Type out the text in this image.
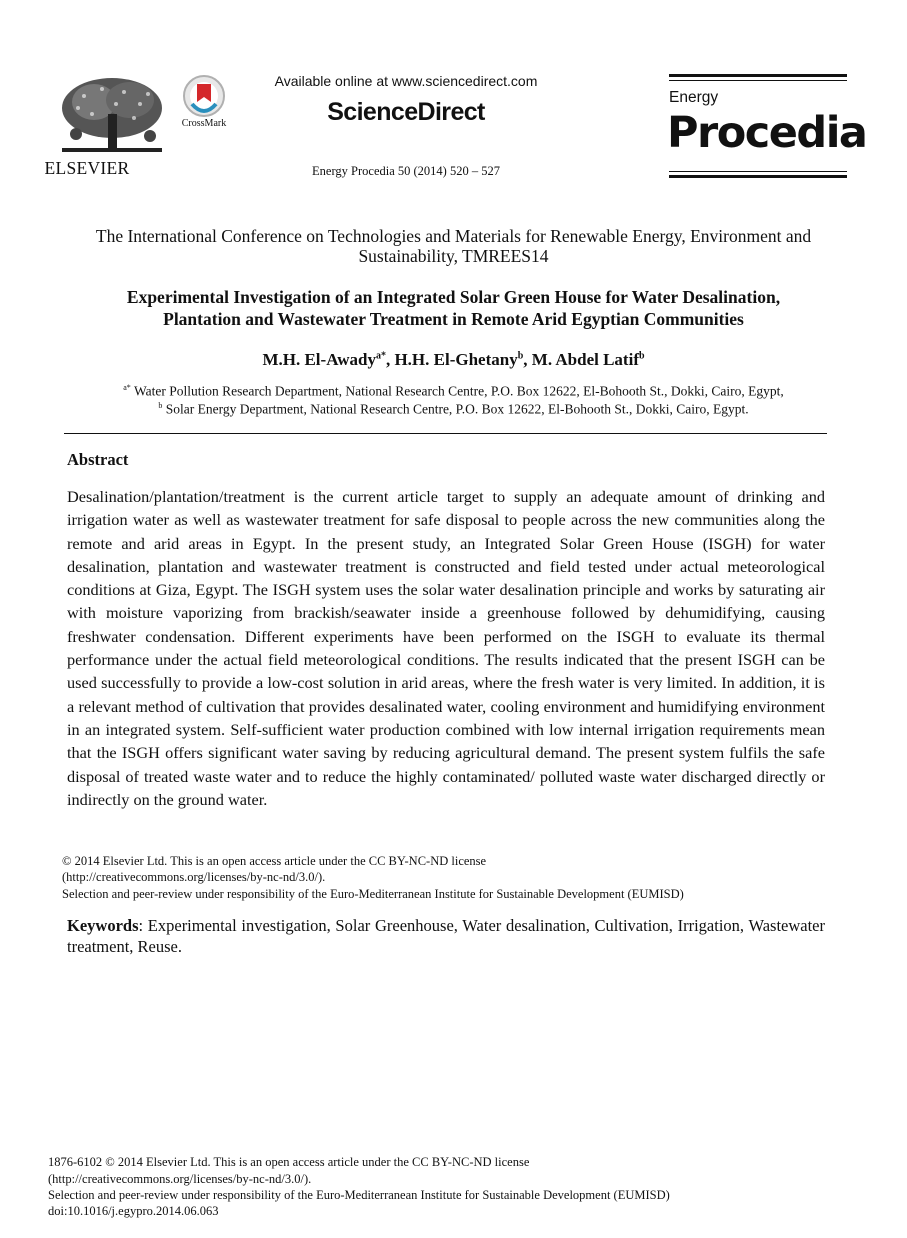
ELSEVIER
CrossMark
Available online at www.sciencedirect.com
ScienceDirect
Energy Procedia 50 (2014) 520 – 527
Energy
Procedia
The International Conference on Technologies and Materials for Renewable Energy, Environment and Sustainability, TMREES14
Experimental Investigation of an Integrated Solar Green House for Water Desalination,
Plantation and Wastewater Treatment in Remote Arid Egyptian Communities
M.H. El-Awady$^{a*}$, H.H. El-Ghetany$^b$, M. Abdel Latif$^b$
$^{a*}$ Water Pollution Research Department, National Research Centre, P.O. Box 12622, El-Bohooth St., Dokki, Cairo, Egypt,
$^b$ Solar Energy Department, National Research Centre, P.O. Box 12622, El-Bohooth St., Dokki, Cairo, Egypt.
Abstract
Desalination/plantation/treatment is the current article target to supply an adequate amount of drinking and irrigation water as well as wastewater treatment for safe disposal to people across the new communities along the remote and arid areas in Egypt. In the present study, an Integrated Solar Green House (ISGH) for water desalination, plantation and wastewater treatment is constructed and field tested under actual meteorological conditions at Giza, Egypt. The ISGH system uses the solar water desalination principle and works by saturating air with moisture vaporizing from brackish/seawater inside a greenhouse followed by dehumidifying, causing freshwater condensation. Different experiments have been performed on the ISGH to evaluate its thermal performance under the actual field meteorological conditions. The results indicated that the present ISGH can be used successfully to provide a low-cost solution in arid areas, where the fresh water is very limited. In addition, it is a relevant method of cultivation that provides desalinated water, cooling environment and humidifying environment in an integrated system. Self-sufficient water production combined with low internal irrigation requirements mean that the ISGH offers significant water saving by reducing agricultural demand. The present system fulfils the safe disposal of treated waste water and to reduce the highly contaminated/ polluted waste water discharged directly or indirectly on the ground water.
© 2014 Elsevier Ltd. This is an open access article under the CC BY-NC-ND license
(http://creativecommons.org/licenses/by-nc-nd/3.0/).
Selection and peer-review under responsibility of the Euro-Mediterranean Institute for Sustainable Development (EUMISD)
Keywords: Experimental investigation, Solar Greenhouse, Water desalination, Cultivation, Irrigation, Wastewater treatment, Reuse.
1876-6102 © 2014 Elsevier Ltd. This is an open access article under the CC BY-NC-ND license
(http://creativecommons.org/licenses/by-nc-nd/3.0/).
Selection and peer-review under responsibility of the Euro-Mediterranean Institute for Sustainable Development (EUMISD)
doi:10.1016/j.egypro.2014.06.063
